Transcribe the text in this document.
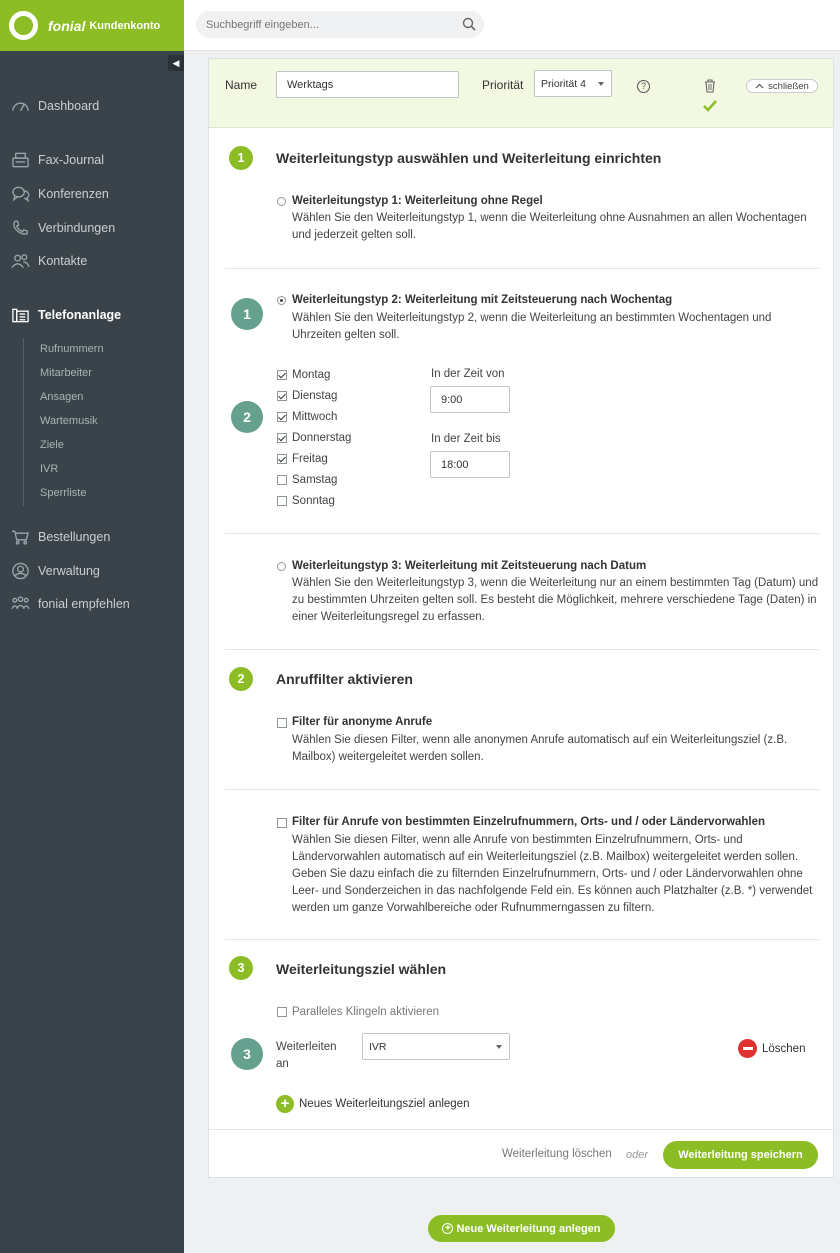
fonial Kundenkonto
◀
Dashboard
Fax-Journal
Konferenzen
Verbindungen
Kontakte
Telefonanlage
Rufnummern
Mitarbeiter
Ansagen
Wartemusik
Ziele
IVR
Sperrliste
Bestellungen
Verwaltung
fonial empfehlen
Suchbegriff eingeben...
Name
Werktags	Priorität Priorität 4	?	schließen
1	Weiterleitungstyp auswählen und Weiterleitung einrichten
Weiterleitungstyp 1: Weiterleitung ohne Regel
Wählen Sie den Weiterleitungstyp 1, wenn die Weiterleitung ohne Ausnahmen an allen Wochentagen und jederzeit gelten soll.
1
Weiterleitungstyp 2: Weiterleitung mit Zeitsteuerung nach Wochentag
Wählen Sie den Weiterleitungstyp 2, wenn die Weiterleitung an bestimmten Wochentagen und Uhrzeiten gelten soll.
2
Montag
Dienstag
Mittwoch
Donnerstag
Freitag
Samstag
Sonntag
In der Zeit von
9:00
In der Zeit bis
18:00
Weiterleitungstyp 3: Weiterleitung mit Zeitsteuerung nach Datum
Wählen Sie den Weiterleitungstyp 3, wenn die Weiterleitung nur an einem bestimmten Tag (Datum) und zu bestimmten Uhrzeiten gelten soll. Es besteht die Möglichkeit, mehrere verschiedene Tage (Daten) in einer Weiterleitungsregel zu erfassen.
2	Anruffilter aktivieren
Filter für anonyme Anrufe
Wählen Sie diesen Filter, wenn alle anonymen Anrufe automatisch auf ein Weiterleitungsziel (z.B. Mailbox) weitergeleitet werden sollen.
Filter für Anrufe von bestimmten Einzelrufnummern, Orts- und / oder Ländervorwahlen
Wählen Sie diesen Filter, wenn alle Anrufe von bestimmten Einzelrufnummern, Orts- und Ländervorwahlen automatisch auf ein Weiterleitungsziel (z.B. Mailbox) weitergeleitet werden sollen. Geben Sie dazu einfach die zu filternden Einzelrufnummern, Orts- und / oder Ländervorwahlen ohne Leer- und Sonderzeichen in das nachfolgende Feld ein. Es können auch Platzhalter (z.B. *) verwendet werden um ganze Vorwahlbereiche oder Rufnummerngassen zu filtern.
3	Weiterleitungsziel wählen
Paralleles Klingeln aktivieren
3	Weiterleiten
an
IVR	Löschen
+ Neues Weiterleitungsziel anlegen
Weiterleitung löschen oder	Weiterleitung speichern
+ Neue Weiterleitung anlegen
